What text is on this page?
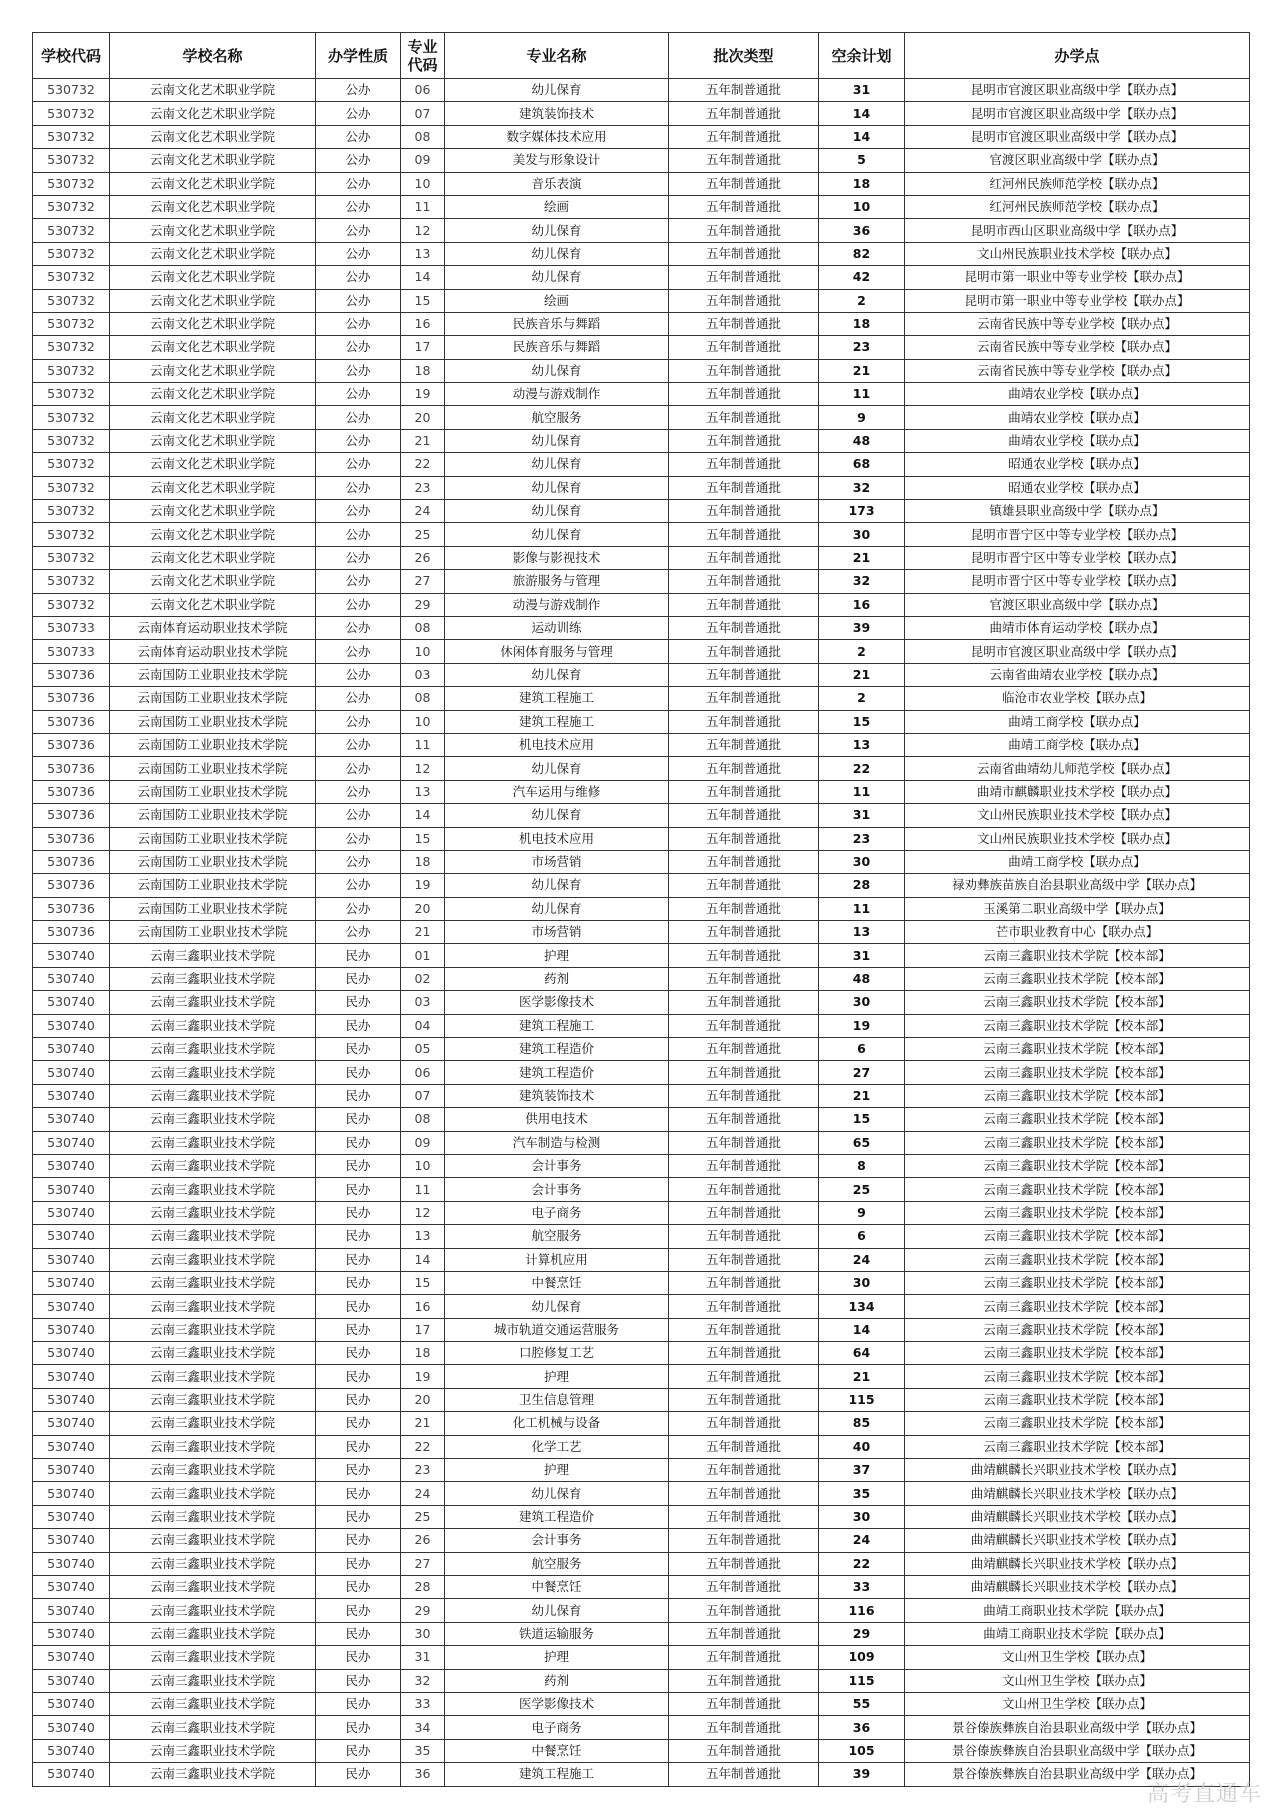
学校代码	学校名称	办学性质	专业代码	专业名称	批次类型	空余计划	办学点
530732	云南文化艺术职业学院	公办	06	幼儿保育	五年制普通批	31	昆明市官渡区职业高级中学【联办点】
530732	云南文化艺术职业学院	公办	07	建筑装饰技术	五年制普通批	14	昆明市官渡区职业高级中学【联办点】
530732	云南文化艺术职业学院	公办	08	数字媒体技术应用	五年制普通批	14	昆明市官渡区职业高级中学【联办点】
530732	云南文化艺术职业学院	公办	09	美发与形象设计	五年制普通批	5	官渡区职业高级中学【联办点】
530732	云南文化艺术职业学院	公办	10	音乐表演	五年制普通批	18	红河州民族师范学校【联办点】
530732	云南文化艺术职业学院	公办	11	绘画	五年制普通批	10	红河州民族师范学校【联办点】
530732	云南文化艺术职业学院	公办	12	幼儿保育	五年制普通批	36	昆明市西山区职业高级中学【联办点】
530732	云南文化艺术职业学院	公办	13	幼儿保育	五年制普通批	82	文山州民族职业技术学校【联办点】
530732	云南文化艺术职业学院	公办	14	幼儿保育	五年制普通批	42	昆明市第一职业中等专业学校【联办点】
530732	云南文化艺术职业学院	公办	15	绘画	五年制普通批	2	昆明市第一职业中等专业学校【联办点】
530732	云南文化艺术职业学院	公办	16	民族音乐与舞蹈	五年制普通批	18	云南省民族中等专业学校【联办点】
530732	云南文化艺术职业学院	公办	17	民族音乐与舞蹈	五年制普通批	23	云南省民族中等专业学校【联办点】
530732	云南文化艺术职业学院	公办	18	幼儿保育	五年制普通批	21	云南省民族中等专业学校【联办点】
530732	云南文化艺术职业学院	公办	19	动漫与游戏制作	五年制普通批	11	曲靖农业学校【联办点】
530732	云南文化艺术职业学院	公办	20	航空服务	五年制普通批	9	曲靖农业学校【联办点】
530732	云南文化艺术职业学院	公办	21	幼儿保育	五年制普通批	48	曲靖农业学校【联办点】
530732	云南文化艺术职业学院	公办	22	幼儿保育	五年制普通批	68	昭通农业学校【联办点】
530732	云南文化艺术职业学院	公办	23	幼儿保育	五年制普通批	32	昭通农业学校【联办点】
530732	云南文化艺术职业学院	公办	24	幼儿保育	五年制普通批	173	镇雄县职业高级中学【联办点】
530732	云南文化艺术职业学院	公办	25	幼儿保育	五年制普通批	30	昆明市晋宁区中等专业学校【联办点】
530732	云南文化艺术职业学院	公办	26	影像与影视技术	五年制普通批	21	昆明市晋宁区中等专业学校【联办点】
530732	云南文化艺术职业学院	公办	27	旅游服务与管理	五年制普通批	32	昆明市晋宁区中等专业学校【联办点】
530732	云南文化艺术职业学院	公办	29	动漫与游戏制作	五年制普通批	16	官渡区职业高级中学【联办点】
530733	云南体育运动职业技术学院	公办	08	运动训练	五年制普通批	39	曲靖市体育运动学校【联办点】
530733	云南体育运动职业技术学院	公办	10	休闲体育服务与管理	五年制普通批	2	昆明市官渡区职业高级中学【联办点】
530736	云南国防工业职业技术学院	公办	03	幼儿保育	五年制普通批	21	云南省曲靖农业学校【联办点】
530736	云南国防工业职业技术学院	公办	08	建筑工程施工	五年制普通批	2	临沧市农业学校【联办点】
530736	云南国防工业职业技术学院	公办	10	建筑工程施工	五年制普通批	15	曲靖工商学校【联办点】
530736	云南国防工业职业技术学院	公办	11	机电技术应用	五年制普通批	13	曲靖工商学校【联办点】
530736	云南国防工业职业技术学院	公办	12	幼儿保育	五年制普通批	22	云南省曲靖幼儿师范学校【联办点】
530736	云南国防工业职业技术学院	公办	13	汽车运用与维修	五年制普通批	11	曲靖市麒麟职业技术学校【联办点】
530736	云南国防工业职业技术学院	公办	14	幼儿保育	五年制普通批	31	文山州民族职业技术学校【联办点】
530736	云南国防工业职业技术学院	公办	15	机电技术应用	五年制普通批	23	文山州民族职业技术学校【联办点】
530736	云南国防工业职业技术学院	公办	18	市场营销	五年制普通批	30	曲靖工商学校【联办点】
530736	云南国防工业职业技术学院	公办	19	幼儿保育	五年制普通批	28	禄劝彝族苗族自治县职业高级中学【联办点】
530736	云南国防工业职业技术学院	公办	20	幼儿保育	五年制普通批	11	玉溪第二职业高级中学【联办点】
530736	云南国防工业职业技术学院	公办	21	市场营销	五年制普通批	13	芒市职业教育中心【联办点】
530740	云南三鑫职业技术学院	民办	01	护理	五年制普通批	31	云南三鑫职业技术学院【校本部】
530740	云南三鑫职业技术学院	民办	02	药剂	五年制普通批	48	云南三鑫职业技术学院【校本部】
530740	云南三鑫职业技术学院	民办	03	医学影像技术	五年制普通批	30	云南三鑫职业技术学院【校本部】
530740	云南三鑫职业技术学院	民办	04	建筑工程施工	五年制普通批	19	云南三鑫职业技术学院【校本部】
530740	云南三鑫职业技术学院	民办	05	建筑工程造价	五年制普通批	6	云南三鑫职业技术学院【校本部】
530740	云南三鑫职业技术学院	民办	06	建筑工程造价	五年制普通批	27	云南三鑫职业技术学院【校本部】
530740	云南三鑫职业技术学院	民办	07	建筑装饰技术	五年制普通批	21	云南三鑫职业技术学院【校本部】
530740	云南三鑫职业技术学院	民办	08	供用电技术	五年制普通批	15	云南三鑫职业技术学院【校本部】
530740	云南三鑫职业技术学院	民办	09	汽车制造与检测	五年制普通批	65	云南三鑫职业技术学院【校本部】
530740	云南三鑫职业技术学院	民办	10	会计事务	五年制普通批	8	云南三鑫职业技术学院【校本部】
530740	云南三鑫职业技术学院	民办	11	会计事务	五年制普通批	25	云南三鑫职业技术学院【校本部】
530740	云南三鑫职业技术学院	民办	12	电子商务	五年制普通批	9	云南三鑫职业技术学院【校本部】
530740	云南三鑫职业技术学院	民办	13	航空服务	五年制普通批	6	云南三鑫职业技术学院【校本部】
530740	云南三鑫职业技术学院	民办	14	计算机应用	五年制普通批	24	云南三鑫职业技术学院【校本部】
530740	云南三鑫职业技术学院	民办	15	中餐烹饪	五年制普通批	30	云南三鑫职业技术学院【校本部】
530740	云南三鑫职业技术学院	民办	16	幼儿保育	五年制普通批	134	云南三鑫职业技术学院【校本部】
530740	云南三鑫职业技术学院	民办	17	城市轨道交通运营服务	五年制普通批	14	云南三鑫职业技术学院【校本部】
530740	云南三鑫职业技术学院	民办	18	口腔修复工艺	五年制普通批	64	云南三鑫职业技术学院【校本部】
530740	云南三鑫职业技术学院	民办	19	护理	五年制普通批	21	云南三鑫职业技术学院【校本部】
530740	云南三鑫职业技术学院	民办	20	卫生信息管理	五年制普通批	115	云南三鑫职业技术学院【校本部】
530740	云南三鑫职业技术学院	民办	21	化工机械与设备	五年制普通批	85	云南三鑫职业技术学院【校本部】
530740	云南三鑫职业技术学院	民办	22	化学工艺	五年制普通批	40	云南三鑫职业技术学院【校本部】
530740	云南三鑫职业技术学院	民办	23	护理	五年制普通批	37	曲靖麒麟长兴职业技术学校【联办点】
530740	云南三鑫职业技术学院	民办	24	幼儿保育	五年制普通批	35	曲靖麒麟长兴职业技术学校【联办点】
530740	云南三鑫职业技术学院	民办	25	建筑工程造价	五年制普通批	30	曲靖麒麟长兴职业技术学校【联办点】
530740	云南三鑫职业技术学院	民办	26	会计事务	五年制普通批	24	曲靖麒麟长兴职业技术学校【联办点】
530740	云南三鑫职业技术学院	民办	27	航空服务	五年制普通批	22	曲靖麒麟长兴职业技术学校【联办点】
530740	云南三鑫职业技术学院	民办	28	中餐烹饪	五年制普通批	33	曲靖麒麟长兴职业技术学校【联办点】
530740	云南三鑫职业技术学院	民办	29	幼儿保育	五年制普通批	116	曲靖工商职业技术学院【联办点】
530740	云南三鑫职业技术学院	民办	30	铁道运输服务	五年制普通批	29	曲靖工商职业技术学院【联办点】
530740	云南三鑫职业技术学院	民办	31	护理	五年制普通批	109	文山州卫生学校【联办点】
530740	云南三鑫职业技术学院	民办	32	药剂	五年制普通批	115	文山州卫生学校【联办点】
530740	云南三鑫职业技术学院	民办	33	医学影像技术	五年制普通批	55	文山州卫生学校【联办点】
530740	云南三鑫职业技术学院	民办	34	电子商务	五年制普通批	36	景谷傣族彝族自治县职业高级中学【联办点】
530740	云南三鑫职业技术学院	民办	35	中餐烹饪	五年制普通批	105	景谷傣族彝族自治县职业高级中学【联办点】
530740	云南三鑫职业技术学院	民办	36	建筑工程施工	五年制普通批	39	景谷傣族彝族自治县职业高级中学【联办点】
高考直通车
